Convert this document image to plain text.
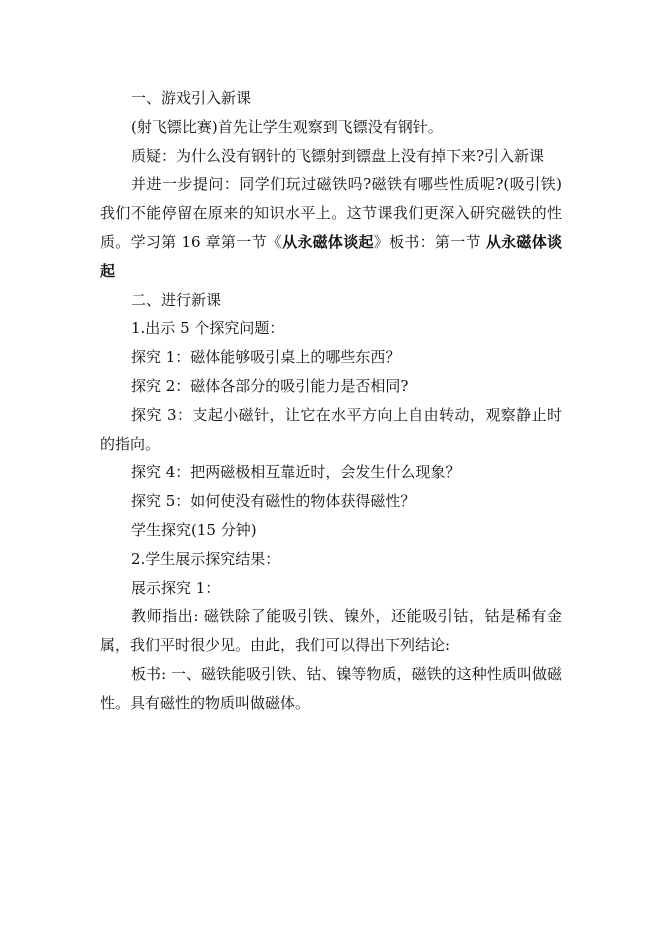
一、游戏引入新课

(射飞镖比赛)首先让学生观察到飞镖没有钢针。

质疑：为什么没有钢针的飞镖射到镖盘上没有掉下来?引入新课

并进一步提问：同学们玩过磁铁吗?磁铁有哪些性质呢?(吸引铁)我们不能停留在原来的知识水平上。这节课我们更深入研究磁铁的性质。学习第 16 章第一节《从永磁体谈起》板书：第一节 从永磁体谈起

二、进行新课

1.出示 5 个探究问题：

探究 1：磁体能够吸引桌上的哪些东西？

探究 2：磁体各部分的吸引能力是否相同?

探究 3：支起小磁针，让它在水平方向上自由转动，观察静止时的指向。

探究 4：把两磁极相互靠近时，会发生什么现象？

探究 5：如何使没有磁性的物体获得磁性？

学生探究(15 分钟)

2.学生展示探究结果：

展示探究 1：

教师指出: 磁铁除了能吸引铁、镍外，还能吸引钴，钴是稀有金属，我们平时很少见。由此，我们可以得出下列结论:

板书: 一、磁铁能吸引铁、钴、镍等物质，磁铁的这种性质叫做磁性。具有磁性的物质叫做磁体。
